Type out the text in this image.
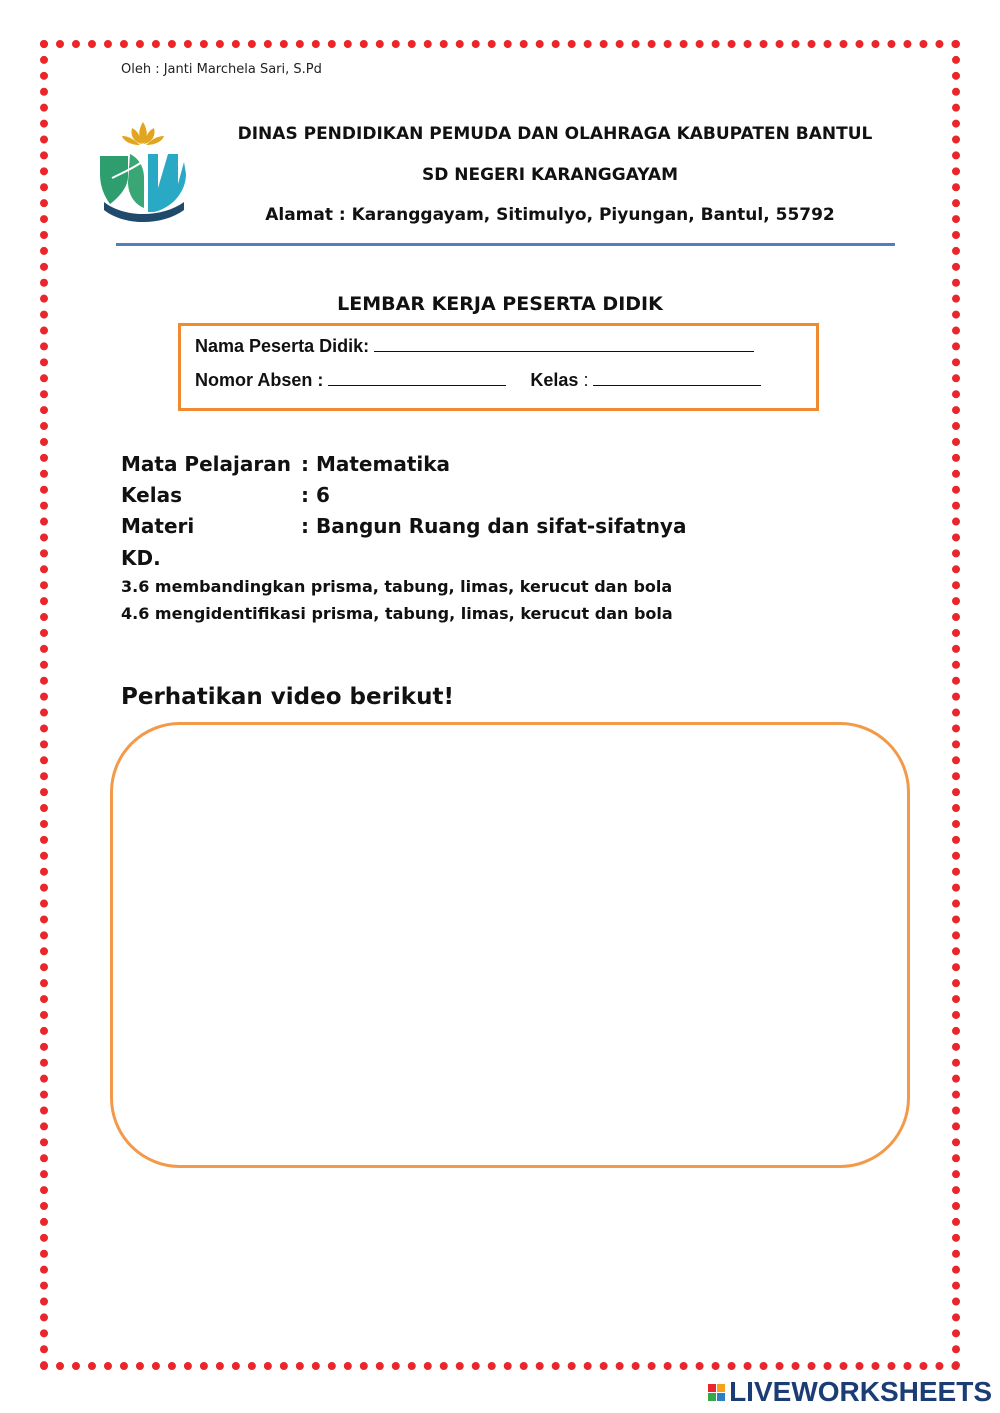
Oleh : Janti Marchela Sari, S.Pd
DINAS PENDIDIKAN PEMUDA DAN OLAHRAGA KABUPATEN BANTUL
SD NEGERI KARANGGAYAM
Alamat : Karanggayam, Sitimulyo, Piyungan, Bantul, 55792
LEMBAR KERJA PESERTA DIDIK
Nama Peserta Didik:
Nomor Absen :	Kelas :
Mata Pelajaran : Matematika
Kelas	: 6
Materi	: Bangun Ruang dan sifat-sifatnya
KD.
3.6 membandingkan prisma, tabung, limas, kerucut dan bola
4.6 mengidentifikasi prisma, tabung, limas, kerucut dan bola
Perhatikan video berikut!
LIVEWORKSHEETS
